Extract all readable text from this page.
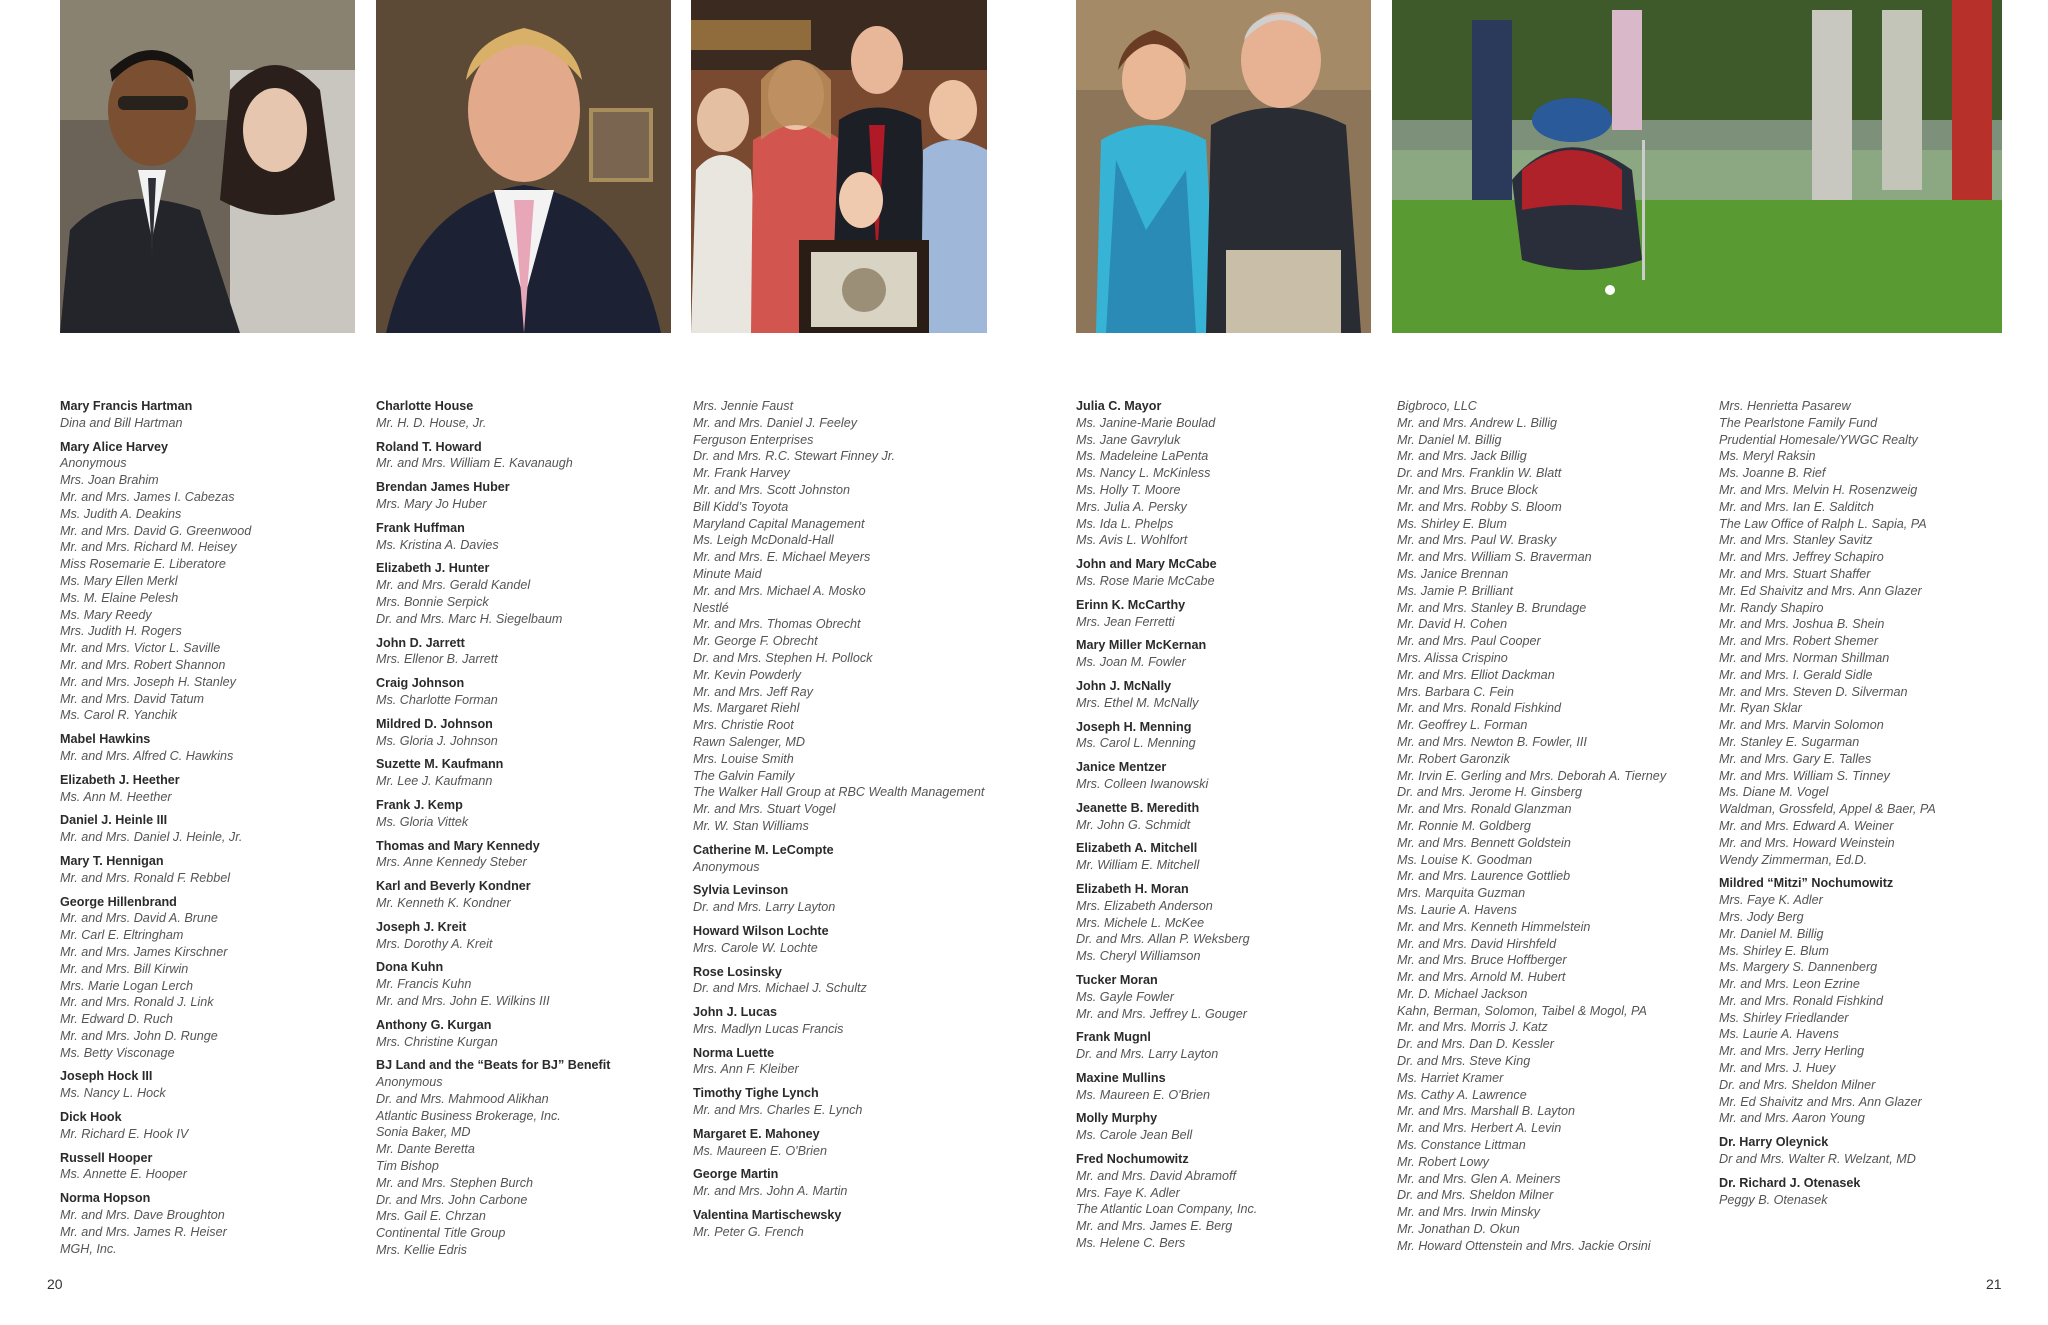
Mary Francis Hartman
Dina and Bill Hartman
Mary Alice Harvey
Anonymous
Mrs. Joan Brahim
Mr. and Mrs. James I. Cabezas
Ms. Judith A. Deakins
Mr. and Mrs. David G. Greenwood
Mr. and Mrs. Richard M. Heisey
Miss Rosemarie E. Liberatore
Ms. Mary Ellen Merkl
Ms. M. Elaine Pelesh
Ms. Mary Reedy
Mrs. Judith H. Rogers
Mr. and Mrs. Victor L. Saville
Mr. and Mrs. Robert Shannon
Mr. and Mrs. Joseph H. Stanley
Mr. and Mrs. David Tatum
Ms. Carol R. Yanchik
Mabel Hawkins
Mr. and Mrs. Alfred C. Hawkins
Elizabeth J. Heether
Ms. Ann M. Heether
Daniel J. Heinle III
Mr. and Mrs. Daniel J. Heinle, Jr.
Mary T. Hennigan
Mr. and Mrs. Ronald F. Rebbel
George Hillenbrand
Mr. and Mrs. David A. Brune
Mr. Carl E. Eltringham
Mr. and Mrs. James Kirschner
Mr. and Mrs. Bill Kirwin
Mrs. Marie Logan Lerch
Mr. and Mrs. Ronald J. Link
Mr. Edward D. Ruch
Mr. and Mrs. John D. Runge
Ms. Betty Visconage
Joseph Hock III
Ms. Nancy L. Hock
Dick Hook
Mr. Richard E. Hook IV
Russell Hooper
Ms. Annette E. Hooper
Norma Hopson
Mr. and Mrs. Dave Broughton
Mr. and Mrs. James R. Heiser
MGH, Inc.
Charlotte House
Mr. H. D. House, Jr.
Roland T. Howard
Mr. and Mrs. William E. Kavanaugh
Brendan James Huber
Mrs. Mary Jo Huber
Frank Huffman
Ms. Kristina A. Davies
Elizabeth J. Hunter
Mr. and Mrs. Gerald Kandel
Mrs. Bonnie Serpick
Dr. and Mrs. Marc H. Siegelbaum
John D. Jarrett
Mrs. Ellenor B. Jarrett
Craig Johnson
Ms. Charlotte Forman
Mildred D. Johnson
Ms. Gloria J. Johnson
Suzette M. Kaufmann
Mr. Lee J. Kaufmann
Frank J. Kemp
Ms. Gloria Vittek
Thomas and Mary Kennedy
Mrs. Anne Kennedy Steber
Karl and Beverly Kondner
Mr. Kenneth K. Kondner
Joseph J. Kreit
Mrs. Dorothy A. Kreit
Dona Kuhn
Mr. Francis Kuhn
Mr. and Mrs. John E. Wilkins III
Anthony G. Kurgan
Mrs. Christine Kurgan
BJ Land and the “Beats for BJ” Benefit
Anonymous
Dr. and Mrs. Mahmood Alikhan
Atlantic Business Brokerage, Inc.
Sonia Baker, MD
Mr. Dante Beretta
Tim Bishop
Mr. and Mrs. Stephen Burch
Dr. and Mrs. John Carbone
Mrs. Gail E. Chrzan
Continental Title Group
Mrs. Kellie Edris
Mrs. Jennie Faust
Mr. and Mrs. Daniel J. Feeley
Ferguson Enterprises
Dr. and Mrs. R.C. Stewart Finney Jr.
Mr. Frank Harvey
Mr. and Mrs. Scott Johnston
Bill Kidd’s Toyota
Maryland Capital Management
Ms. Leigh McDonald-Hall
Mr. and Mrs. E. Michael Meyers
Minute Maid
Mr. and Mrs. Michael A. Mosko
Nestlé
Mr. and Mrs. Thomas Obrecht
Mr. George F. Obrecht
Dr. and Mrs. Stephen H. Pollock
Mr. Kevin Powderly
Mr. and Mrs. Jeff Ray
Ms. Margaret Riehl
Mrs. Christie Root
Rawn Salenger, MD
Mrs. Louise Smith
The Galvin Family
The Walker Hall Group at RBC Wealth Management
Mr. and Mrs. Stuart Vogel
Mr. W. Stan Williams
Catherine M. LeCompte
Anonymous
Sylvia Levinson
Dr. and Mrs. Larry Layton
Howard Wilson Lochte
Mrs. Carole W. Lochte
Rose Losinsky
Dr. and Mrs. Michael J. Schultz
John J. Lucas
Mrs. Madlyn Lucas Francis
Norma Luette
Mrs. Ann F. Kleiber
Timothy Tighe Lynch
Mr. and Mrs. Charles E. Lynch
Margaret E. Mahoney
Ms. Maureen E. O'Brien
George Martin
Mr. and Mrs. John A. Martin
Valentina Martischewsky
Mr. Peter G. French
Julia C. Mayor
Ms. Janine-Marie Boulad
Ms. Jane Gavryluk
Ms. Madeleine LaPenta
Ms. Nancy L. McKinless
Ms. Holly T. Moore
Mrs. Julia A. Persky
Ms. Ida L. Phelps
Ms. Avis L. Wohlfort
John and Mary McCabe
Ms. Rose Marie McCabe
Erinn K. McCarthy
Mrs. Jean Ferretti
Mary Miller McKernan
Ms. Joan M. Fowler
John J. McNally
Mrs. Ethel M. McNally
Joseph H. Menning
Ms. Carol L. Menning
Janice Mentzer
Mrs. Colleen Iwanowski
Jeanette B. Meredith
Mr. John G. Schmidt
Elizabeth A. Mitchell
Mr. William E. Mitchell
Elizabeth H. Moran
Mrs. Elizabeth Anderson
Mrs. Michele L. McKee
Dr. and Mrs. Allan P. Weksberg
Ms. Cheryl Williamson
Tucker Moran
Ms. Gayle Fowler
Mr. and Mrs. Jeffrey L. Gouger
Frank Mugnl
Dr. and Mrs. Larry Layton
Maxine Mullins
Ms. Maureen E. O'Brien
Molly Murphy
Ms. Carole Jean Bell
Fred Nochumowitz
Mr. and Mrs. David Abramoff
Mrs. Faye K. Adler
The Atlantic Loan Company, Inc.
Mr. and Mrs. James E. Berg
Ms. Helene C. Bers
Bigbroco, LLC
Mr. and Mrs. Andrew L. Billig
Mr. Daniel M. Billig
Mr. and Mrs. Jack Billig
Dr. and Mrs. Franklin W. Blatt
Mr. and Mrs. Bruce Block
Mr. and Mrs. Robby S. Bloom
Ms. Shirley E. Blum
Mr. and Mrs. Paul W. Brasky
Mr. and Mrs. William S. Braverman
Ms. Janice Brennan
Ms. Jamie P. Brilliant
Mr. and Mrs. Stanley B. Brundage
Mr. David H. Cohen
Mr. and Mrs. Paul Cooper
Mrs. Alissa Crispino
Mr. and Mrs. Elliot Dackman
Mrs. Barbara C. Fein
Mr. and Mrs. Ronald Fishkind
Mr. Geoffrey L. Forman
Mr. and Mrs. Newton B. Fowler, III
Mr. Robert Garonzik
Mr. Irvin E. Gerling and Mrs. Deborah A. Tierney
Dr. and Mrs. Jerome H. Ginsberg
Mr. and Mrs. Ronald Glanzman
Mr. Ronnie M. Goldberg
Mr. and Mrs. Bennett Goldstein
Ms. Louise K. Goodman
Mr. and Mrs. Laurence Gottlieb
Mrs. Marquita Guzman
Ms. Laurie A. Havens
Mr. and Mrs. Kenneth Himmelstein
Mr. and Mrs. David Hirshfeld
Mr. and Mrs. Bruce Hoffberger
Mr. and Mrs. Arnold M. Hubert
Mr. D. Michael Jackson
Kahn, Berman, Solomon, Taibel & Mogol, PA
Mr. and Mrs. Morris J. Katz
Dr. and Mrs. Dan D. Kessler
Dr. and Mrs. Steve King
Ms. Harriet Kramer
Ms. Cathy A. Lawrence
Mr. and Mrs. Marshall B. Layton
Mr. and Mrs. Herbert A. Levin
Ms. Constance Littman
Mr. Robert Lowy
Mr. and Mrs. Glen A. Meiners
Dr. and Mrs. Sheldon Milner
Mr. and Mrs. Irwin Minsky
Mr. Jonathan D. Okun
Mr. Howard Ottenstein and Mrs. Jackie Orsini
Mrs. Henrietta Pasarew
The Pearlstone Family Fund
Prudential Homesale/YWGC Realty
Ms. Meryl Raksin
Ms. Joanne B. Rief
Mr. and Mrs. Melvin H. Rosenzweig
Mr. and Mrs. Ian E. Salditch
The Law Office of Ralph L. Sapia, PA
Mr. and Mrs. Stanley Savitz
Mr. and Mrs. Jeffrey Schapiro
Mr. and Mrs. Stuart Shaffer
Mr. Ed Shaivitz and Mrs. Ann Glazer
Mr. Randy Shapiro
Mr. and Mrs. Joshua B. Shein
Mr. and Mrs. Robert Shemer
Mr. and Mrs. Norman Shillman
Mr. and Mrs. I. Gerald Sidle
Mr. and Mrs. Steven D. Silverman
Mr. Ryan Sklar
Mr. and Mrs. Marvin Solomon
Mr. Stanley E. Sugarman
Mr. and Mrs. Gary E. Talles
Mr. and Mrs. William S. Tinney
Ms. Diane M. Vogel
Waldman, Grossfeld, Appel & Baer, PA
Mr. and Mrs. Edward A. Weiner
Mr. and Mrs. Howard Weinstein
Wendy Zimmerman, Ed.D.
Mildred “Mitzi” Nochumowitz
Mrs. Faye K. Adler
Mrs. Jody Berg
Mr. Daniel M. Billig
Ms. Shirley E. Blum
Ms. Margery S. Dannenberg
Mr. and Mrs. Leon Ezrine
Mr. and Mrs. Ronald Fishkind
Ms. Shirley Friedlander
Ms. Laurie A. Havens
Mr. and Mrs. Jerry Herling
Mr. and Mrs. J. Huey
Dr. and Mrs. Sheldon Milner
Mr. Ed Shaivitz and Mrs. Ann Glazer
Mr. and Mrs. Aaron Young
Dr. Harry Oleynick
Dr and Mrs. Walter R. Welzant, MD
Dr. Richard J. Otenasek
Peggy B. Otenasek
20	21
